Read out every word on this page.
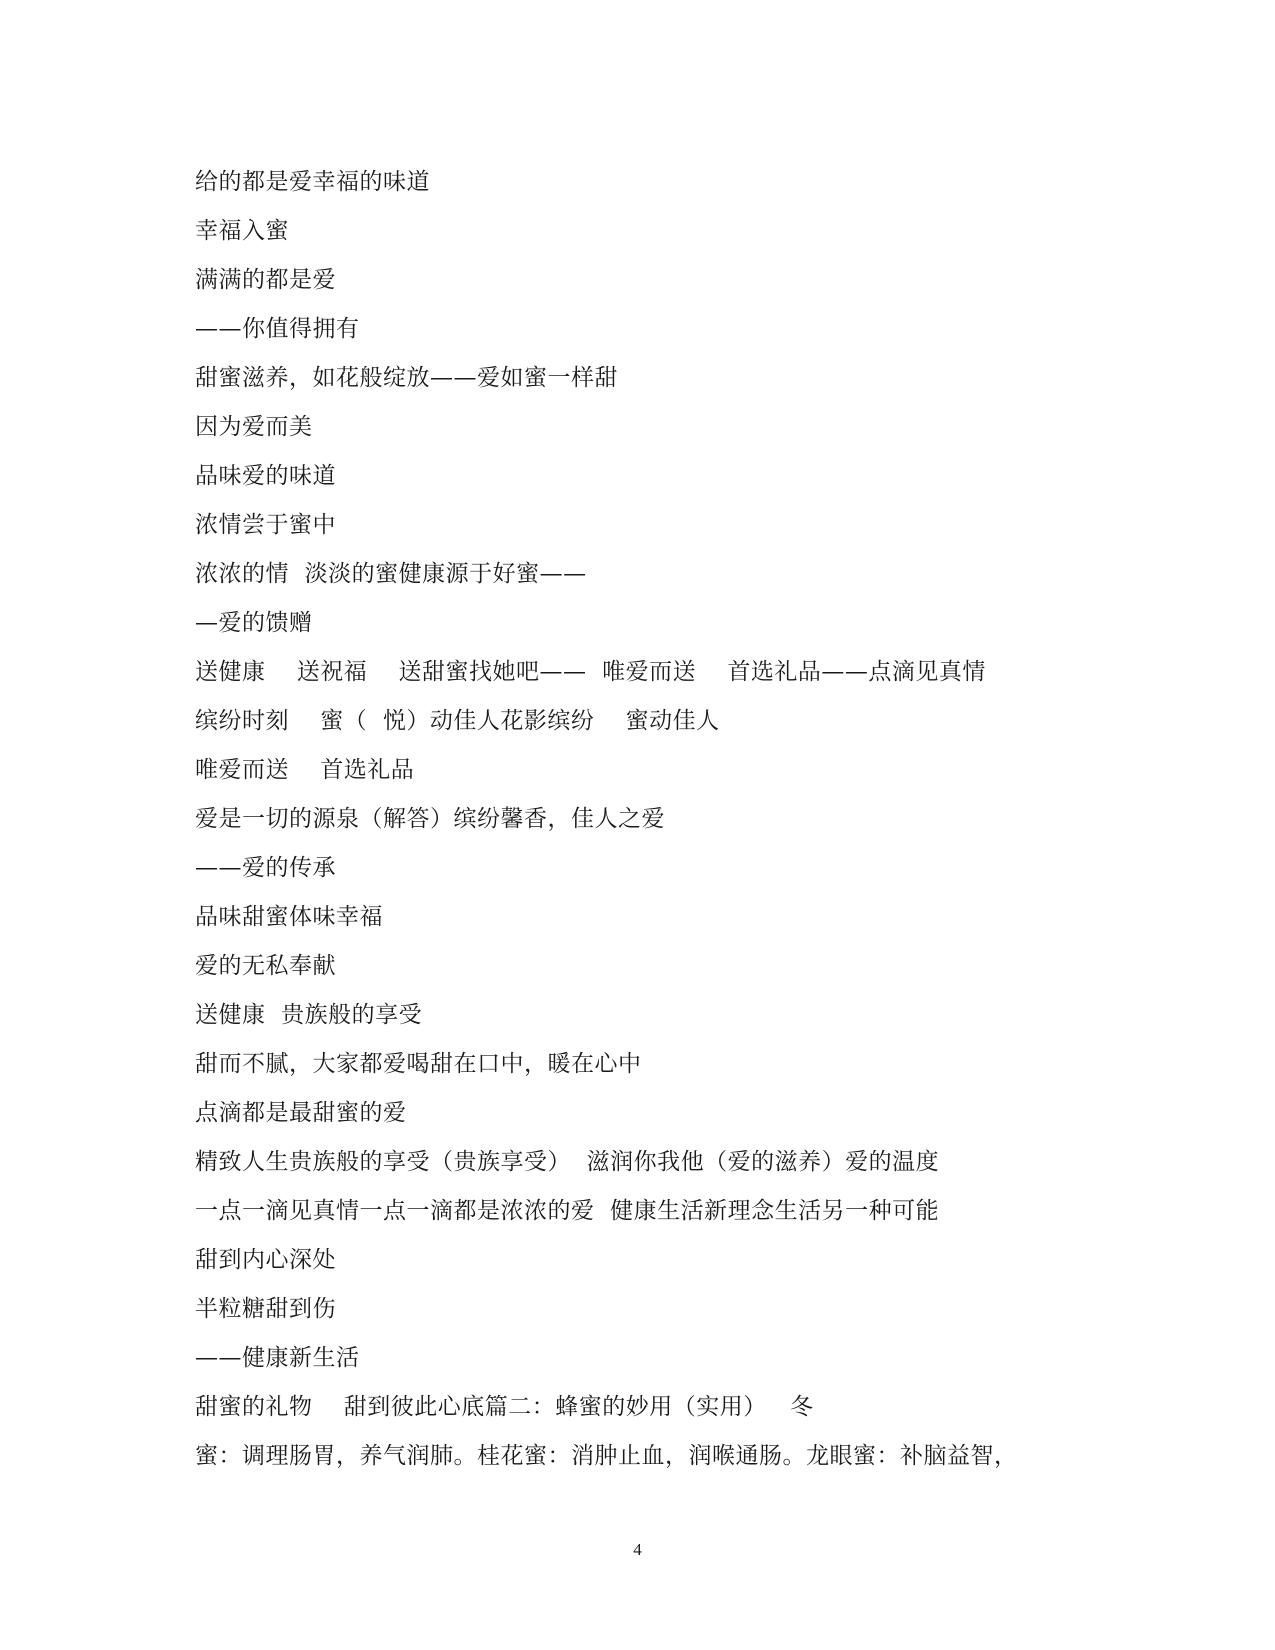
给的都是爱幸福的味道
幸福入蜜
满满的都是爱
——你值得拥有
甜蜜滋养，如花般绽放——爱如蜜一样甜
因为爱而美
品味爱的味道
浓情尝于蜜中
浓浓的情  淡淡的蜜健康源于好蜜——
—爱的馈赠
送健康    送祝福    送甜蜜找她吧——  唯爱而送    首选礼品——点滴见真情
缤纷时刻    蜜（  悦）动佳人花影缤纷    蜜动佳人
唯爱而送    首选礼品
爱是一切的源泉（解答）缤纷馨香，佳人之爱
——爱的传承
品味甜蜜体味幸福
爱的无私奉献
送健康  贵族般的享受
甜而不腻，大家都爱喝甜在口中，暖在心中
点滴都是最甜蜜的爱
精致人生贵族般的享受（贵族享受）  滋润你我他（爱的滋养）爱的温度
一点一滴见真情一点一滴都是浓浓的爱  健康生活新理念生活另一种可能
甜到内心深处
半粒糖甜到伤
——健康新生活
甜蜜的礼物    甜到彼此心底篇二：蜂蜜的妙用（实用）   冬
蜜：调理肠胃，养气润肺。桂花蜜：消肿止血，润喉通肠。龙眼蜜：补脑益智，
4
